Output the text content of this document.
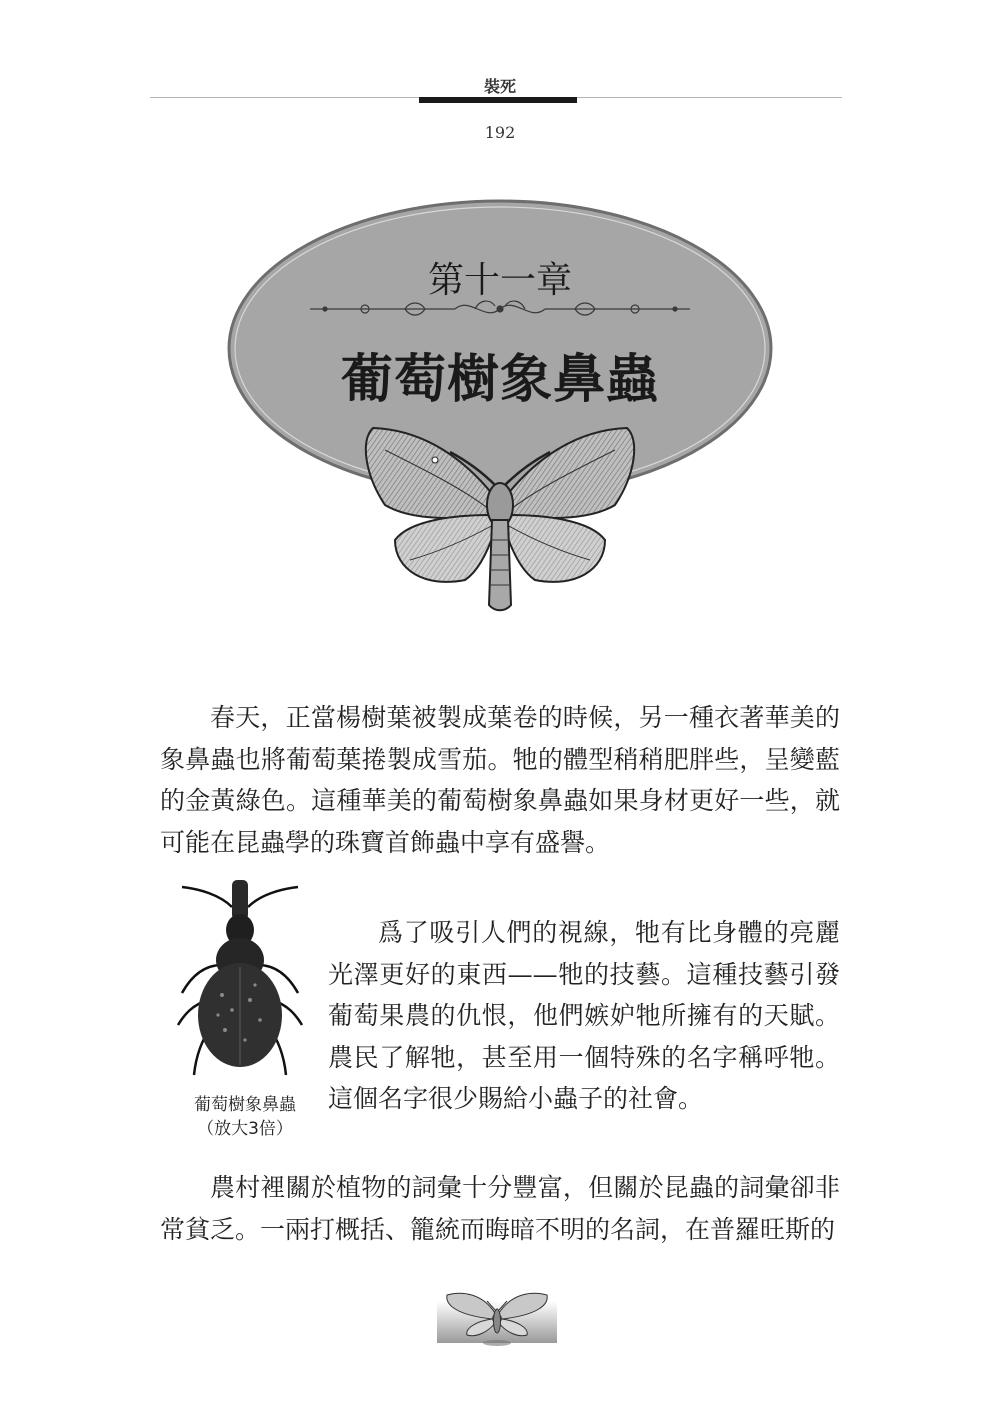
裝死
192
第十一章
葡萄樹象鼻蟲

春天，正當楊樹葉被製成葉卷的時候，另一種衣著華美的象鼻蟲也將葡萄葉捲製成雪茄。牠的體型稍稍肥胖些，呈變藍的金黃綠色。這種華美的葡萄樹象鼻蟲如果身材更好一些，就可能在昆蟲學的珠寶首飾蟲中享有盛譽。

葡萄樹象鼻蟲
（放大3倍）

爲了吸引人們的視線，牠有比身體的亮麗光澤更好的東西——牠的技藝。這種技藝引發葡萄果農的仇恨，他們嫉妒牠所擁有的天賦。農民了解牠，甚至用一個特殊的名字稱呼牠。這個名字很少賜給小蟲子的社會。

農村裡關於植物的詞彙十分豐富，但關於昆蟲的詞彙卻非常貧乏。一兩打概括、籠統而晦暗不明的名詞，在普羅旺斯的
